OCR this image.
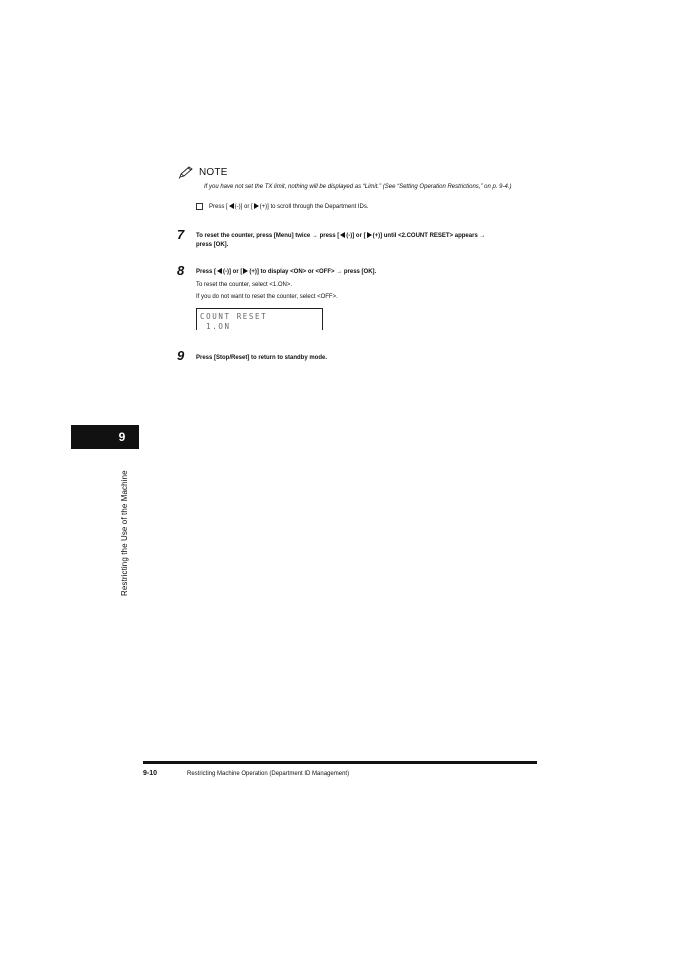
NOTE
If you have not set the TX limit, nothing will be displayed as “Limit.” (See “Setting Operation Restrictions,” on p. 9-4.)
Press [ (-)] or [ (+)] to scroll through the Department IDs.
7 To reset the counter, press [Menu] twice → press [ (-)] or [ (+)] until <2.COUNT RESET> appears →
press [OK].
8 Press [ (-)] or [ (+)] to display <ON> or <OFF> → press [OK].
To reset the counter, select <1.ON>.
If you do not want to reset the counter, select <OFF>.
COUNT RESET
1.ON
9 Press [Stop/Reset] to return to standby mode.
9
Restricting the Use of the Machine
9-10	Restricting Machine Operation (Department ID Management)
